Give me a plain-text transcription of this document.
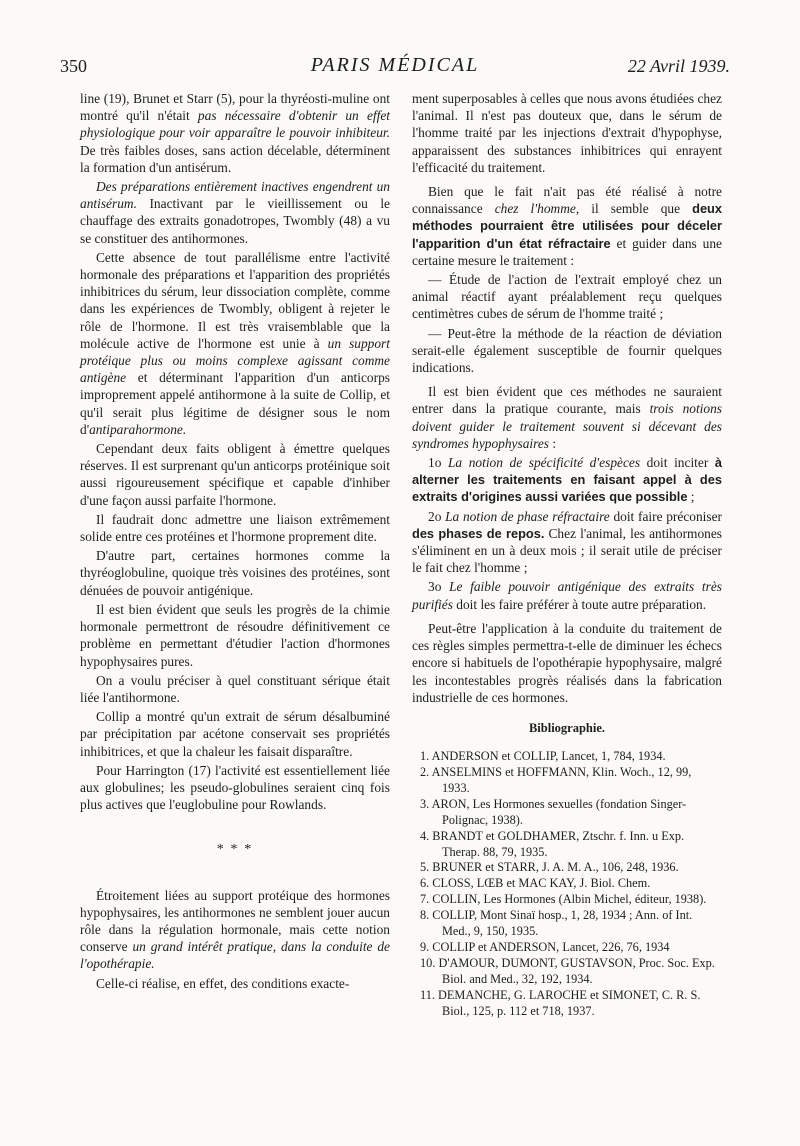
350	PARIS MÉDICAL	22 Avril 1939.

line (19), Brunet et Starr (5), pour la thyréosti-muline ont montré qu'il n'était pas nécessaire d'obtenir un effet physiologique pour voir apparaître le pouvoir inhibiteur. De très faibles doses, sans action décelable, déterminent la formation d'un antisérum.

Des préparations entièrement inactives engendrent un antisérum. Inactivant par le vieillissement ou le chauffage des extraits gonadotropes, Twombly (48) a vu se constituer des antihormones.

Cette absence de tout parallélisme entre l'activité hormonale des préparations et l'apparition des propriétés inhibitrices du sérum, leur dissociation complète, comme dans les expériences de Twombly, obligent à rejeter le rôle de l'hormone. Il est très vraisemblable que la molécule active de l'hormone est unie à un support protéique plus ou moins complexe agissant comme antigène et déterminant l'apparition d'un anticorps improprement appelé antihormone à la suite de Collip, et qu'il serait plus légitime de désigner sous le nom d'antiparahormone.

Cependant deux faits obligent à émettre quelques réserves. Il est surprenant qu'un anticorps protéinique soit aussi rigoureusement spécifique et capable d'inhiber d'une façon aussi parfaite l'hormone.

Il faudrait donc admettre une liaison extrêmement solide entre ces protéines et l'hormone proprement dite.

D'autre part, certaines hormones comme la thyréoglobuline, quoique très voisines des protéines, sont dénuées de pouvoir antigénique.

Il est bien évident que seuls les progrès de la chimie hormonale permettront de résoudre définitivement ce problème en permettant d'étudier l'action d'hormones hypophysaires pures.

On a voulu préciser à quel constituant sérique était liée l'antihormone.

Collip a montré qu'un extrait de sérum désalbuminé par précipitation par acétone conservait ses propriétés inhibitrices, et que la chaleur les faisait disparaître.

Pour Harrington (17) l'activité est essentiellement liée aux globulines; les pseudo-globulines seraient cinq fois plus actives que l'euglobuline pour Rowlands.

* * *

Étroitement liées au support protéique des hormones hypophysaires, les antihormones ne semblent jouer aucun rôle dans la régulation hormonale, mais cette notion conserve un grand intérêt pratique, dans la conduite de l'opothérapie.

Celle-ci réalise, en effet, des conditions exacte-

ment superposables à celles que nous avons étudiées chez l'animal. Il n'est pas douteux que, dans le sérum de l'homme traité par les injections d'extrait d'hypophyse, apparaissent des substances inhibitrices qui enrayent l'efficacité du traitement.

Bien que le fait n'ait pas été réalisé à notre connaissance chez l'homme, il semble que deux méthodes pourraient être utilisées pour déceler l'apparition d'un état réfractaire et guider dans une certaine mesure le traitement :

— Étude de l'action de l'extrait employé chez un animal réactif ayant préalablement reçu quelques centimètres cubes de sérum de l'homme traité ;

— Peut-être la méthode de la réaction de déviation serait-elle également susceptible de fournir quelques indications.

Il est bien évident que ces méthodes ne sauraient entrer dans la pratique courante, mais trois notions doivent guider le traitement souvent si décevant des syndromes hypophysaires :

1o La notion de spécificité d'espèces doit inciter à alterner les traitements en faisant appel à des extraits d'origines aussi variées que possible ;

2o La notion de phase réfractaire doit faire préconiser des phases de repos. Chez l'animal, les antihormones s'éliminent en un à deux mois ; il serait utile de préciser le fait chez l'homme ;

3o Le faible pouvoir antigénique des extraits très purifiés doit les faire préférer à toute autre préparation.

Peut-être l'application à la conduite du traitement de ces règles simples permettra-t-elle de diminuer les échecs encore si habituels de l'opothérapie hypophysaire, malgré les incontestables progrès réalisés dans la fabrication industrielle de ces hormones.

Bibliographie.
1. ANDERSON et COLLIP, Lancet, 1, 784, 1934.
2. ANSELMINS et HOFFMANN, Klin. Woch., 12, 99, 1933.
3. ARON, Les Hormones sexuelles (fondation Singer-Polignac, 1938).
4. BRANDT et GOLDHAMER, Ztschr. f. Inn. u Exp. Therap. 88, 79, 1935.
5. BRUNER et STARR, J. A. M. A., 106, 248, 1936.
6. CLOSS, LŒB et MAC KAY, J. Biol. Chem.
7. COLLIN, Les Hormones (Albin Michel, éditeur, 1938).
8. COLLIP, Mont Sinaï hosp., 1, 28, 1934 ; Ann. of Int. Med., 9, 150, 1935.
9. COLLIP et ANDERSON, Lancet, 226, 76, 1934
10. D'AMOUR, DUMONT, GUSTAVSON, Proc. Soc. Exp. Biol. and Med., 32, 192, 1934.
11. DEMANCHE, G. LAROCHE et SIMONET, C. R. S. Biol., 125, p. 112 et 718, 1937.
